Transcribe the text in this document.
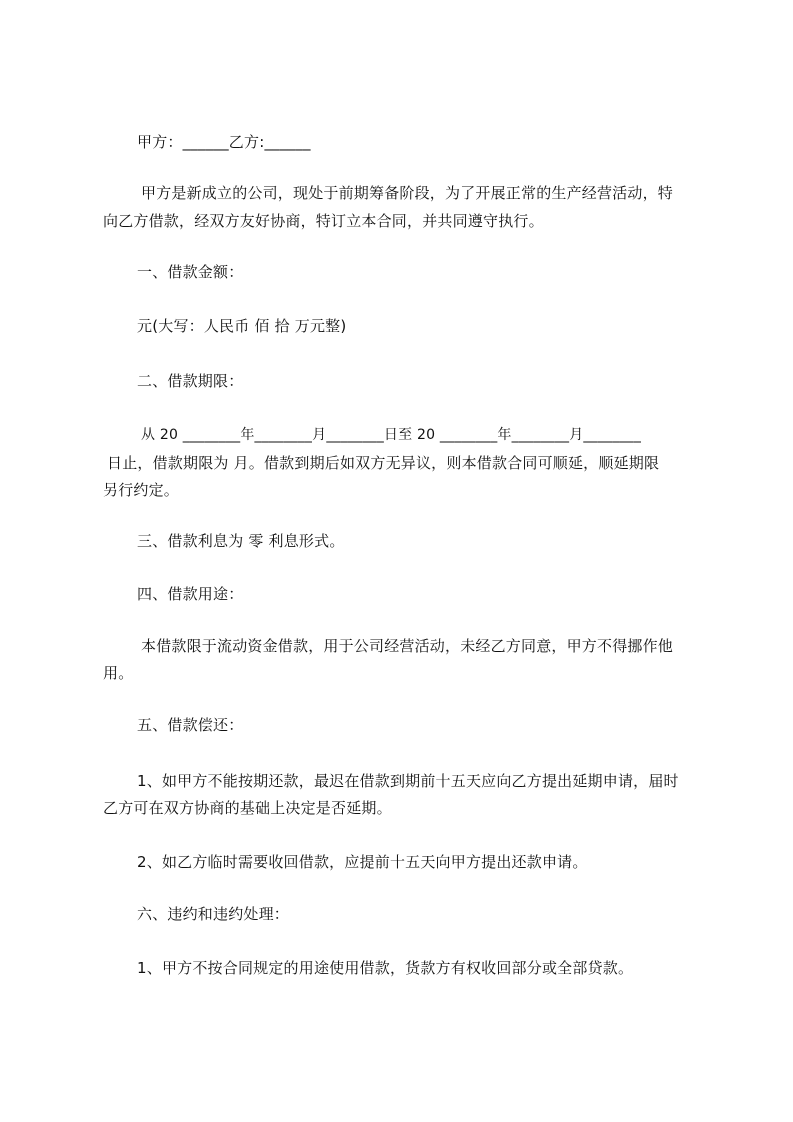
甲方：______乙方:______
甲方是新成立的公司，现处于前期筹备阶段，为了开展正常的生产经营活动，特
向乙方借款，经双方友好协商，特订立本合同，并共同遵守执行。
一、借款金额：
元(大写：人民币 佰 拾 万元整)
二、借款期限：
从 20 ________年________月________日至 20 ________年________月________
日止，借款期限为 月。借款到期后如双方无异议，则本借款合同可顺延，顺延期限
另行约定。
三、借款利息为 零 利息形式。
四、借款用途：
本借款限于流动资金借款，用于公司经营活动，未经乙方同意，甲方不得挪作他
用。
五、借款偿还：
1、如甲方不能按期还款，最迟在借款到期前十五天应向乙方提出延期申请，届时
乙方可在双方协商的基础上决定是否延期。
2、如乙方临时需要收回借款，应提前十五天向甲方提出还款申请。
六、违约和违约处理：
1、甲方不按合同规定的用途使用借款，货款方有权收回部分或全部贷款。
